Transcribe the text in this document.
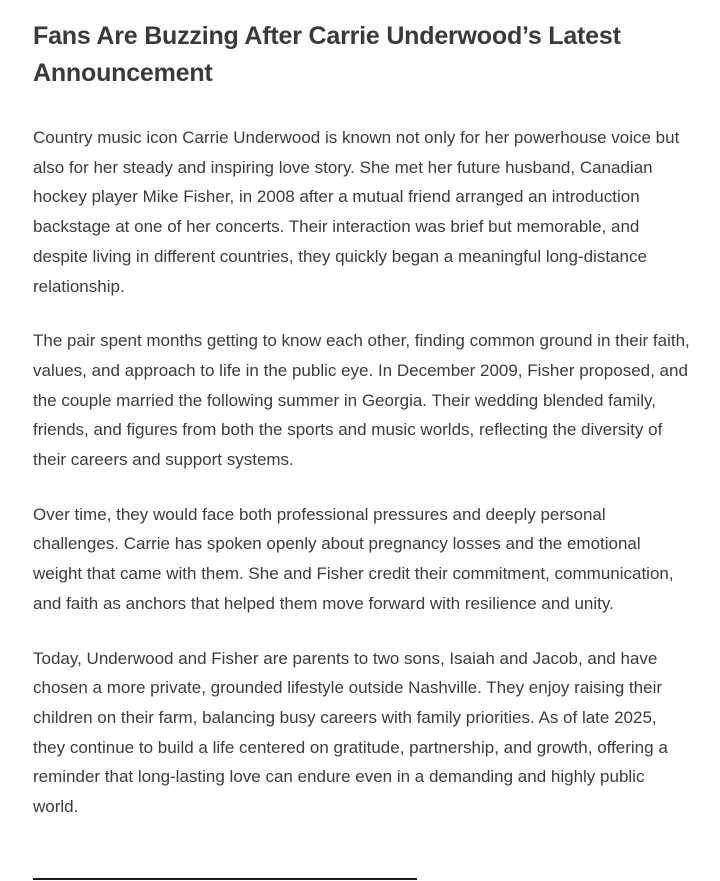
Fans Are Buzzing After Carrie Underwood’s Latest Announcement

Country music icon Carrie Underwood is known not only for her powerhouse voice but also for her steady and inspiring love story. She met her future husband, Canadian hockey player Mike Fisher, in 2008 after a mutual friend arranged an introduction backstage at one of her concerts. Their interaction was brief but memorable, and despite living in different countries, they quickly began a meaningful long-distance relationship.

The pair spent months getting to know each other, finding common ground in their faith, values, and approach to life in the public eye. In December 2009, Fisher proposed, and the couple married the following summer in Georgia. Their wedding blended family, friends, and figures from both the sports and music worlds, reflecting the diversity of their careers and support systems.

Over time, they would face both professional pressures and deeply personal challenges. Carrie has spoken openly about pregnancy losses and the emotional weight that came with them. She and Fisher credit their commitment, communication, and faith as anchors that helped them move forward with resilience and unity.

Today, Underwood and Fisher are parents to two sons, Isaiah and Jacob, and have chosen a more private, grounded lifestyle outside Nashville. They enjoy raising their children on their farm, balancing busy careers with family priorities. As of late 2025, they continue to build a life centered on gratitude, partnership, and growth, offering a reminder that long-lasting love can endure even in a demanding and highly public world.
